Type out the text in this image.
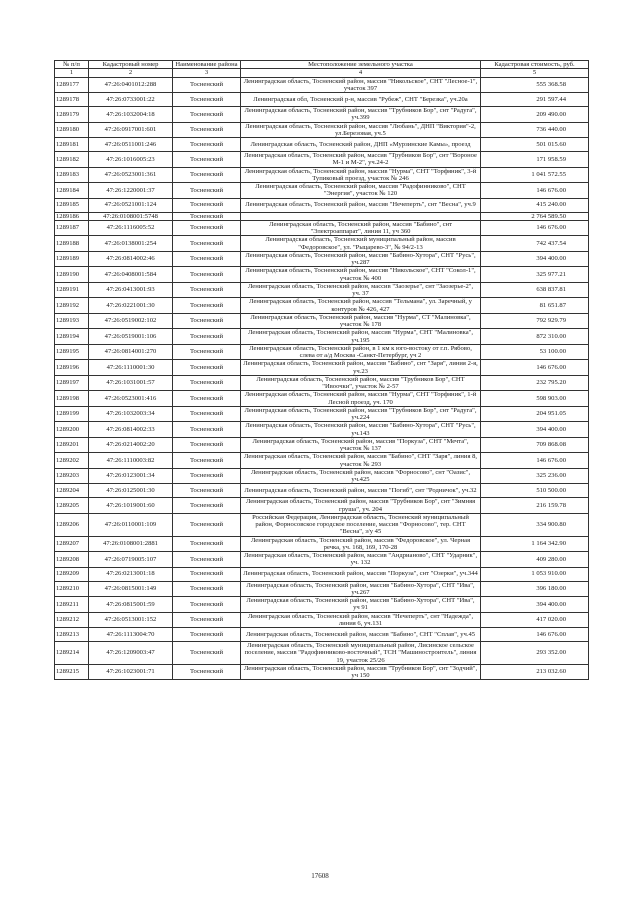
№ п/п	Кадастровый номер	Наименование района	Местоположение земельного участка	Кадастровая стоимость, руб.
1	2	3	4	5
1289177	47:26:0401012:288	Тосненский	Ленинградская область, Тосненский район, массив "Никольское", СНТ "Лесное-1", участок 397	555 368.58
1289178	47:26:0733001:22	Тосненский	Ленинградская обл, Тосненский р-н, массив "Рубеж", СНТ "Березка", уч.20а	291 597.44
1289179	47:26:1032004:18	Тосненский	Ленинградская область, Тосненский район, массив "Трубников Бор", снт "Радуга", уч.399	209 490.00
1289180	47:26:0917001:601	Тосненский	Ленинградская область, Тосненский район, массив "Любань", ДНП "Виктория"-2, ул.Березовая, уч.5	736 440.00
1289181	47:26:0511001:246	Тосненский	Ленинградская область, Тосненский район, ДНП «Мурзинские Камы», проезд	501 015.60
1289182	47:26:1016005:23	Тосненский	Ленинградская область, Тосненский район, массив "Трубников Бор", снт "Вороное М-1 и М-2", уч.24-2	171 958.59
1289183	47:26:0523001:361	Тосненский	Ленинградская область, Тосненский район, массив "Нурма", СНТ "Торфяник", 3-й Тупиковый проезд, участок № 246	1 041 572.55
1289184	47:26:1220001:37	Тосненский	Ленинградская область, Тосненский район, массив "Радофинниково", СНТ "Энергия", участок № 120	146 676.00
1289185	47:26:0521001:124	Тосненский	Ленинградская область, Тосненский район, массив "Нечеперть", снт "Весна", уч.9	415 240.00
1289186	47:26:0108001:5748	Тосненский		2 764 589.50
1289187	47:26:1116005:52	Тосненский	Ленинградская область, Тосненский район, массив "Бабино", снт "Электроаппарат", линия 11, уч 360	146 676.00
1289188	47:26:0138001:254	Тосненский	Ленинградская область, Тосненский муниципальный район, массив "Федоровское", ул. "Рыцарево-3", № 94/2-13	742 437.54
1289189	47:26:0814002:46	Тосненский	Ленинградская область, Тосненский район, массив "Бабино-Хутора", СНТ "Русь", уч.287	394 400.00
1289190	47:26:0408001:584	Тосненский	Ленинградская область, Тосненский район, массив "Никольское", СНТ "Сокол-1", участок № 400	325 977.21
1289191	47:26:0413001:93	Тосненский	Ленинградская область, Тосненский район, массив "Заозерье", снт "Заозерье-2", уч. 37	638 837.81
1289192	47:26:0221001:30	Тосненский	Ленинградская область, Тосненский район, массив "Тельмана", ул. Заречный, у контуров № 426, 427	81 651.87
1289193	47:26:0519002:102	Тосненский	Ленинградская область, Тосненский район, массив "Нурма", СТ "Малиновка", участок № 178	792 929.79
1289194	47:26:0519001:106	Тосненский	Ленинградская область, Тосненский район, массив "Нурма", СНТ "Малиновка", уч.195	872 310.00
1289195	47:26:0814001:270	Тосненский	Ленинградская область, Тосненский район, в 1 км к юго-востоку от г.п. Рябово, слева от а/д Москва -Санкт-Петербург, уч 2	53 100.00
1289196	47:26:1110001:30	Тосненский	Ленинградская область, Тосненский район, массив "Бабино", снт "Заря", линия 2-я, уч.23	146 676.00
1289197	47:26:1031001:57	Тосненский	Ленинградская область, Тосненский район, массив "Трубников Бор", СНТ "Ивоочки", участок № 2-57	232 795.20
1289198	47:26:0523001:416	Тосненский	Ленинградская область, Тосненский район, массив "Нурма", СНТ "Торфяник", 1-й Лесной проезд, уч. 170	598 903.00
1289199	47:26:1032003:34	Тосненский	Ленинградская область, Тосненский район, массив "Трубников Бор", снт "Радуга", уч.224	204 951.05
1289200	47:26:0814002:33	Тосненский	Ленинградская область, Тосненский район, массив "Бабино-Хутора", СНТ "Русь", уч.143	394 400.00
1289201	47:26:0214002:20	Тосненский	Ленинградская область, Тосненский район, массив "Поркуза", СНТ "Мечта", участок № 137	709 868.08
1289202	47:26:1110003:82	Тосненский	Ленинградская область, Тосненский район, массив "Бабино", СНТ "Заря", линия 8, участок № 293	146 676.00
1289203	47:26:0123001:34	Тосненский	Ленинградская область, Тосненский район, массив "Форносово", снт "Оазис", уч.425	325 236.00
1289204	47:26:0125001:30	Тосненский	Ленинградская область, Тосненский район, массив "Погиб", снт "Родничок", уч.32	510 500.00
1289205	47:26:1019001:60	Тосненский	Ленинградская область, Тосненский район, массив "Трубников Бор", снт "Зимняя груша", уч. 204	216 159.78
1289206	47:26:0110001:109	Тосненский	Российская Федерация, Ленинградская область, Тосненский муниципальный район, Форносовское городское поселение, массив "Форносово", тер. СНТ "Весна", з/у 45	334 900.80
1289207	47:26:0108001:2881	Тосненский	Ленинградская область, Тосненский район, массив "Федоровское", ул. Черная речка, уч. 168, 169, 170-28	1 164 342.90
1289208	47:26:0719005:107	Тосненский	Ленинградская область, Тосненский район, массив "Андрианово", СНТ "Ударник", уч. 132	409 280.00
1289209	47:26:0213001:18	Тосненский	Ленинградская область, Тосненский район, массив "Поркуза", снт "Озерки", уч.344	1 053 910.00
1289210	47:26:0815001:149	Тосненский	Ленинградская область, Тосненский район, массив "Бабино-Хутора", СНТ "Ива", уч.267	396 180.00
1289211	47:26:0815001:59	Тосненский	Ленинградская область, Тосненский район, массив "Бабино-Хутора", СНТ "Ива", уч 91	394 400.00
1289212	47:26:0513001:152	Тосненский	Ленинградская область, Тосненский район, массив "Нечеперть", снт "Надежда", линия 6, уч.131	417 020.00
1289213	47:26:1113004:70	Тосненский	Ленинградская область, Тосненский район, массив "Бабино", СНТ "Сплав", уч.45	146 676.00
1289214	47:26:1209003:47	Тосненский	Ленинградская область, Тосненский муниципальный район, Лисинское сельское поселение, массив "Радофинниково-восточный", ТСН "Машиностроитель", линия 19, участок 25/26	293 352.00
1289215	47:26:1023001:71	Тосненский	Ленинградская область, Тосненский район, массив "Трубников Бор", снт "Зодчий", уч 150	213 032.60
17608
